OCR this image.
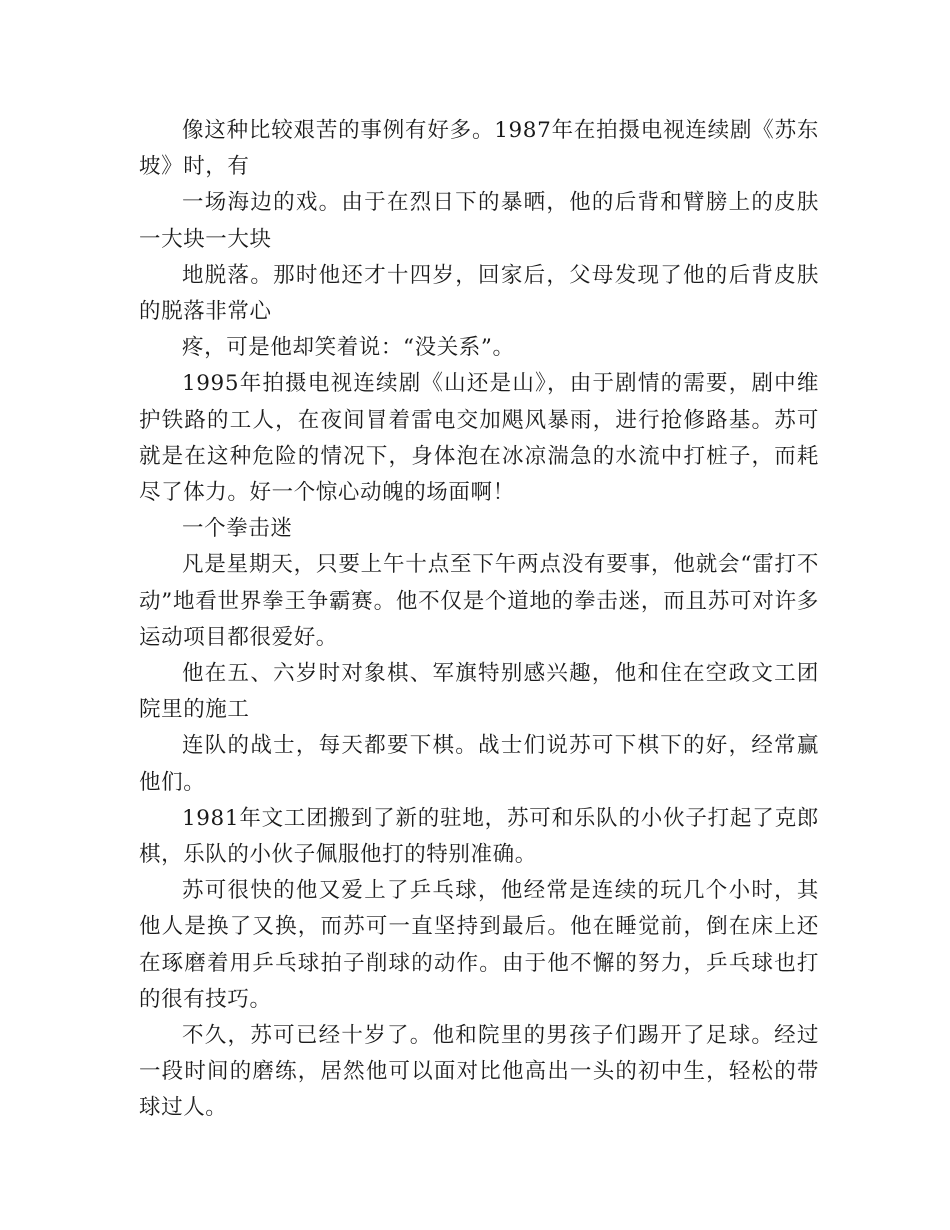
像这种比较艰苦的事例有好多。1987年在拍摄电视连续剧《苏东坡》时，有

一场海边的戏。由于在烈日下的暴晒，他的后背和臂膀上的皮肤一大块一大块

地脱落。那时他还才十四岁，回家后，父母发现了他的后背皮肤的脱落非常心

疼，可是他却笑着说：“没关系”。

1995年拍摄电视连续剧《山还是山》，由于剧情的需要，剧中维护铁路的工人，在夜间冒着雷电交加飓风暴雨，进行抢修路基。苏可就是在这种危险的情况下，身体泡在冰凉湍急的水流中打桩子，而耗尽了体力。好一个惊心动魄的场面啊！

一个拳击迷

凡是星期天，只要上午十点至下午两点没有要事，他就会“雷打不动”地看世界拳王争霸赛。他不仅是个道地的拳击迷，而且苏可对许多运动项目都很爱好。

他在五、六岁时对象棋、军旗特别感兴趣，他和住在空政文工团院里的施工

连队的战士，每天都要下棋。战士们说苏可下棋下的好，经常赢他们。

1981年文工团搬到了新的驻地，苏可和乐队的小伙子打起了克郎棋，乐队的小伙子佩服他打的特别准确。

苏可很快的他又爱上了乒乓球，他经常是连续的玩几个小时，其他人是换了又换，而苏可一直坚持到最后。他在睡觉前，倒在床上还在琢磨着用乒乓球拍子削球的动作。由于他不懈的努力，乒乓球也打的很有技巧。

不久，苏可已经十岁了。他和院里的男孩子们踢开了足球。经过一段时间的磨练，居然他可以面对比他高出一头的初中生，轻松的带球过人。
